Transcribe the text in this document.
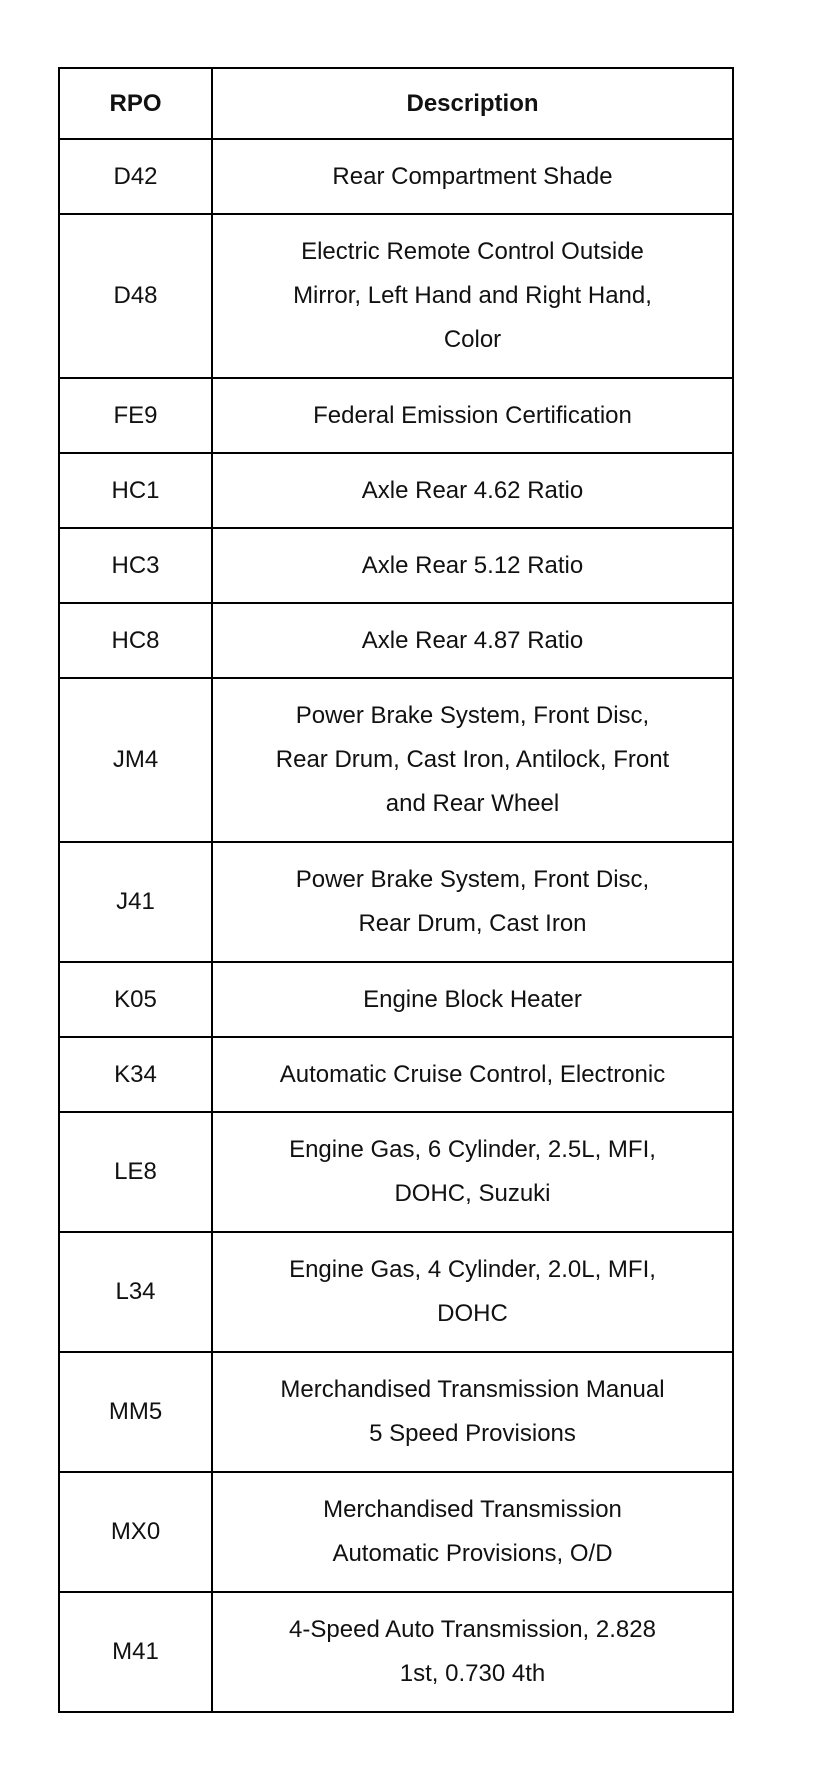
RPO	Description
D42	Rear Compartment Shade
D48	Electric Remote Control Outside
Mirror, Left Hand and Right Hand,
Color
FE9	Federal Emission Certification
HC1	Axle Rear 4.62 Ratio
HC3	Axle Rear 5.12 Ratio
HC8	Axle Rear 4.87 Ratio
JM4	Power Brake System, Front Disc,
Rear Drum, Cast Iron, Antilock, Front
and Rear Wheel
J41	Power Brake System, Front Disc,
Rear Drum, Cast Iron
K05	Engine Block Heater
K34	Automatic Cruise Control, Electronic
LE8	Engine Gas, 6 Cylinder, 2.5L, MFI,
DOHC, Suzuki
L34	Engine Gas, 4 Cylinder, 2.0L, MFI,
DOHC
MM5	Merchandised Transmission Manual
5 Speed Provisions
MX0	Merchandised Transmission
Automatic Provisions, O/D
M41	4-Speed Auto Transmission, 2.828
1st, 0.730 4th
